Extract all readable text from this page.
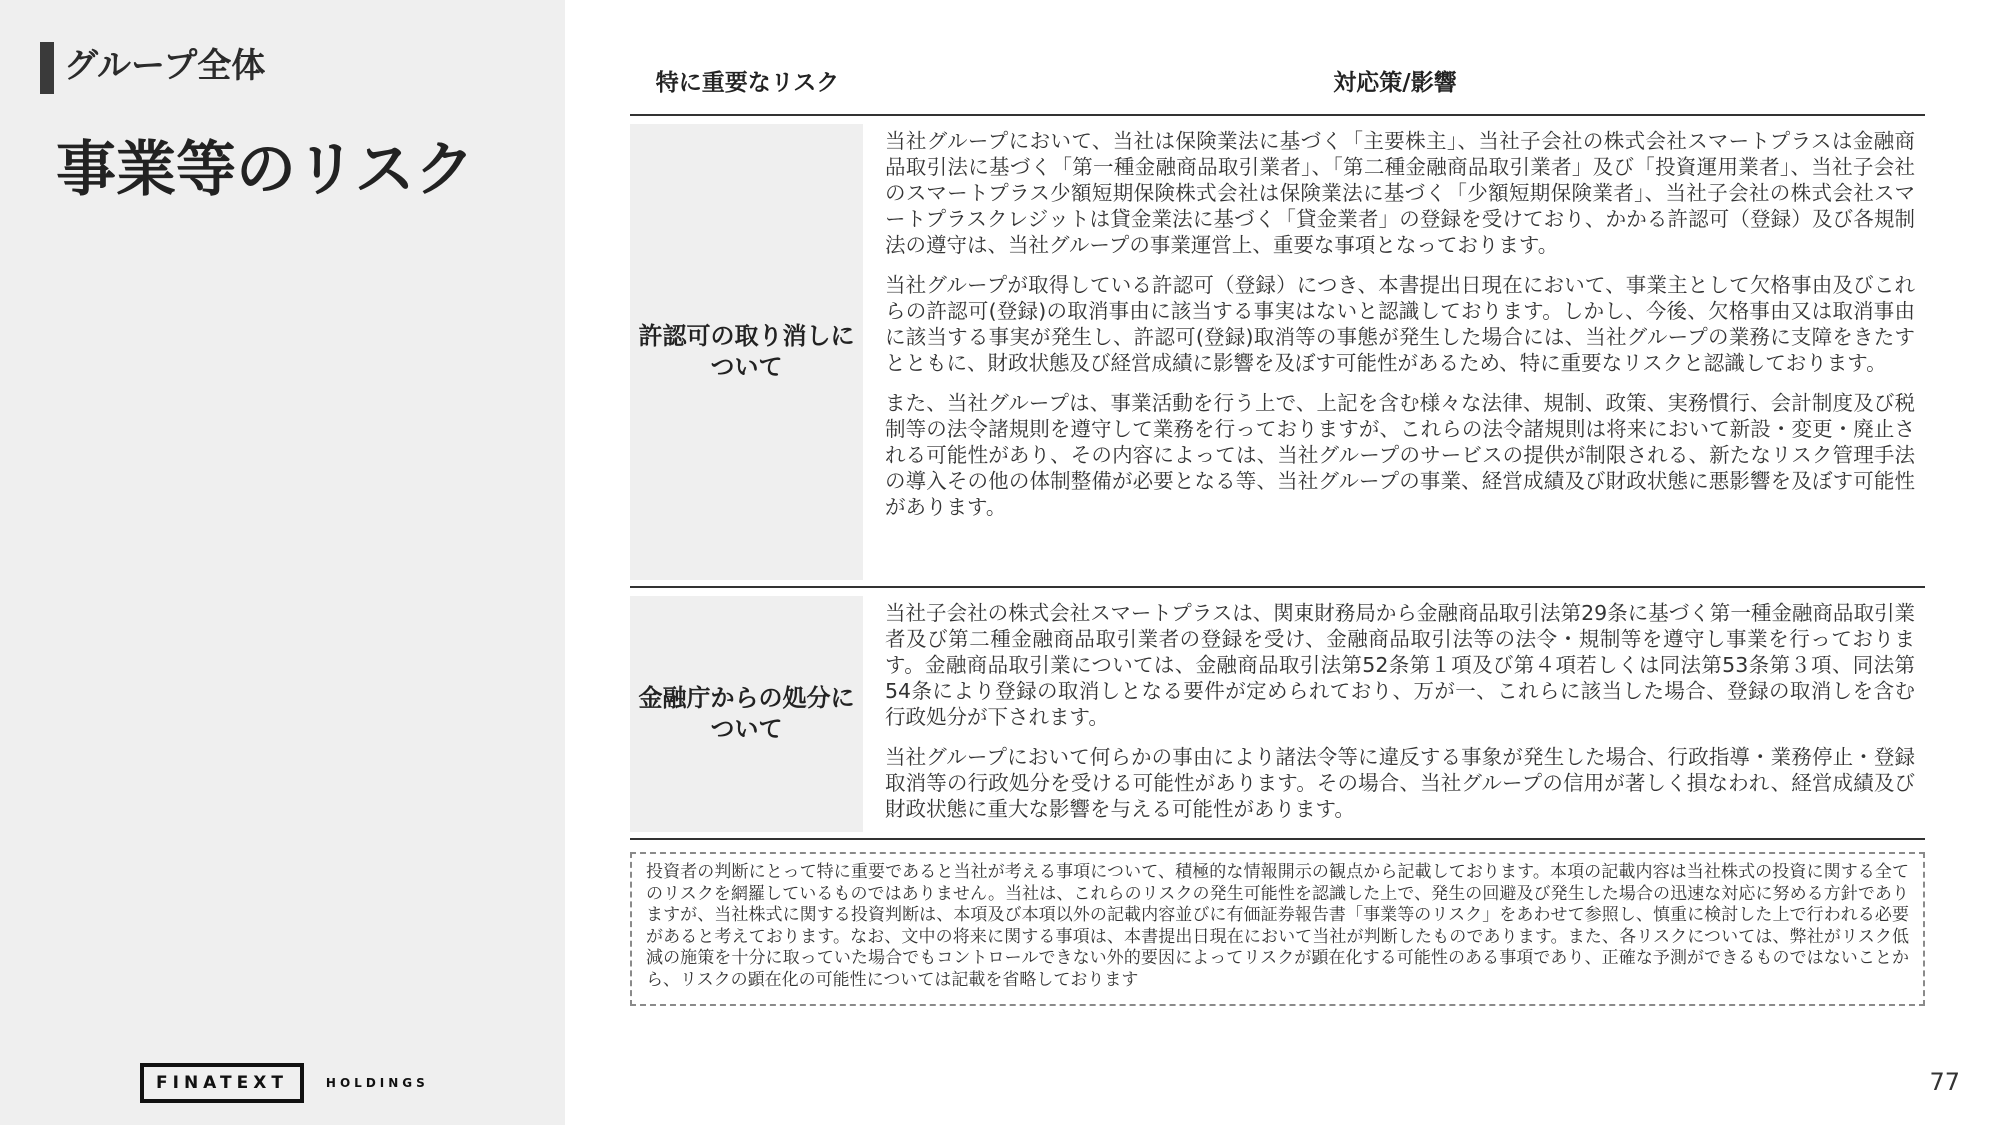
グループ全体
事業等のリスク
FINATEXT	HOLDINGS
特に重要なリスク	対応策/影響
許認可の取り消しについて

当社グループにおいて、当社は保険業法に基づく「主要株主」、当社子会社の株式会社スマートプラスは金融商品取引法に基づく「第一種金融商品取引業者」、「第二種金融商品取引業者」及び「投資運用業者」、当社子会社のスマートプラス少額短期保険株式会社は保険業法に基づく「少額短期保険業者」、当社子会社の株式会社スマートプラスクレジットは貸金業法に基づく「貸金業者」の登録を受けており、かかる許認可（登録）及び各規制法の遵守は、当社グループの事業運営上、重要な事項となっております。

当社グループが取得している許認可（登録）につき、本書提出日現在において、事業主として欠格事由及びこれらの許認可(登録)の取消事由に該当する事実はないと認識しております。しかし、今後、欠格事由又は取消事由に該当する事実が発生し、許認可(登録)取消等の事態が発生した場合には、当社グループの業務に支障をきたすとともに、財政状態及び経営成績に影響を及ぼす可能性があるため、特に重要なリスクと認識しております。

また、当社グループは、事業活動を行う上で、上記を含む様々な法律、規制、政策、実務慣行、会計制度及び税制等の法令諸規則を遵守して業務を行っておりますが、これらの法令諸規則は将来において新設・変更・廃止される可能性があり、その内容によっては、当社グループのサービスの提供が制限される、新たなリスク管理手法の導入その他の体制整備が必要となる等、当社グループの事業、経営成績及び財政状態に悪影響を及ぼす可能性があります。

金融庁からの処分について

当社子会社の株式会社スマートプラスは、関東財務局から金融商品取引法第29条に基づく第一種金融商品取引業者及び第二種金融商品取引業者の登録を受け、金融商品取引法等の法令・規制等を遵守し事業を行っております。金融商品取引業については、金融商品取引法第52条第１項及び第４項若しくは同法第53条第３項、同法第54条により登録の取消しとなる要件が定められており、万が一、これらに該当した場合、登録の取消しを含む行政処分が下されます。

当社グループにおいて何らかの事由により諸法令等に違反する事象が発生した場合、行政指導・業務停止・登録取消等の行政処分を受ける可能性があります。その場合、当社グループの信用が著しく損なわれ、経営成績及び財政状態に重大な影響を与える可能性があります。

投資者の判断にとって特に重要であると当社が考える事項について、積極的な情報開示の観点から記載しております。本項の記載内容は当社株式の投資に関する全てのリスクを網羅しているものではありません。当社は、これらのリスクの発生可能性を認識した上で、発生の回避及び発生した場合の迅速な対応に努める方針でありますが、当社株式に関する投資判断は、本項及び本項以外の記載内容並びに有価証券報告書「事業等のリスク」をあわせて参照し、慎重に検討した上で行われる必要があると考えております。なお、文中の将来に関する事項は、本書提出日現在において当社が判断したものであります。また、各リスクについては、弊社がリスク低減の施策を十分に取っていた場合でもコントロールできない外的要因によってリスクが顕在化する可能性のある事項であり、正確な予測ができるものではないことから、リスクの顕在化の可能性については記載を省略しております
77
